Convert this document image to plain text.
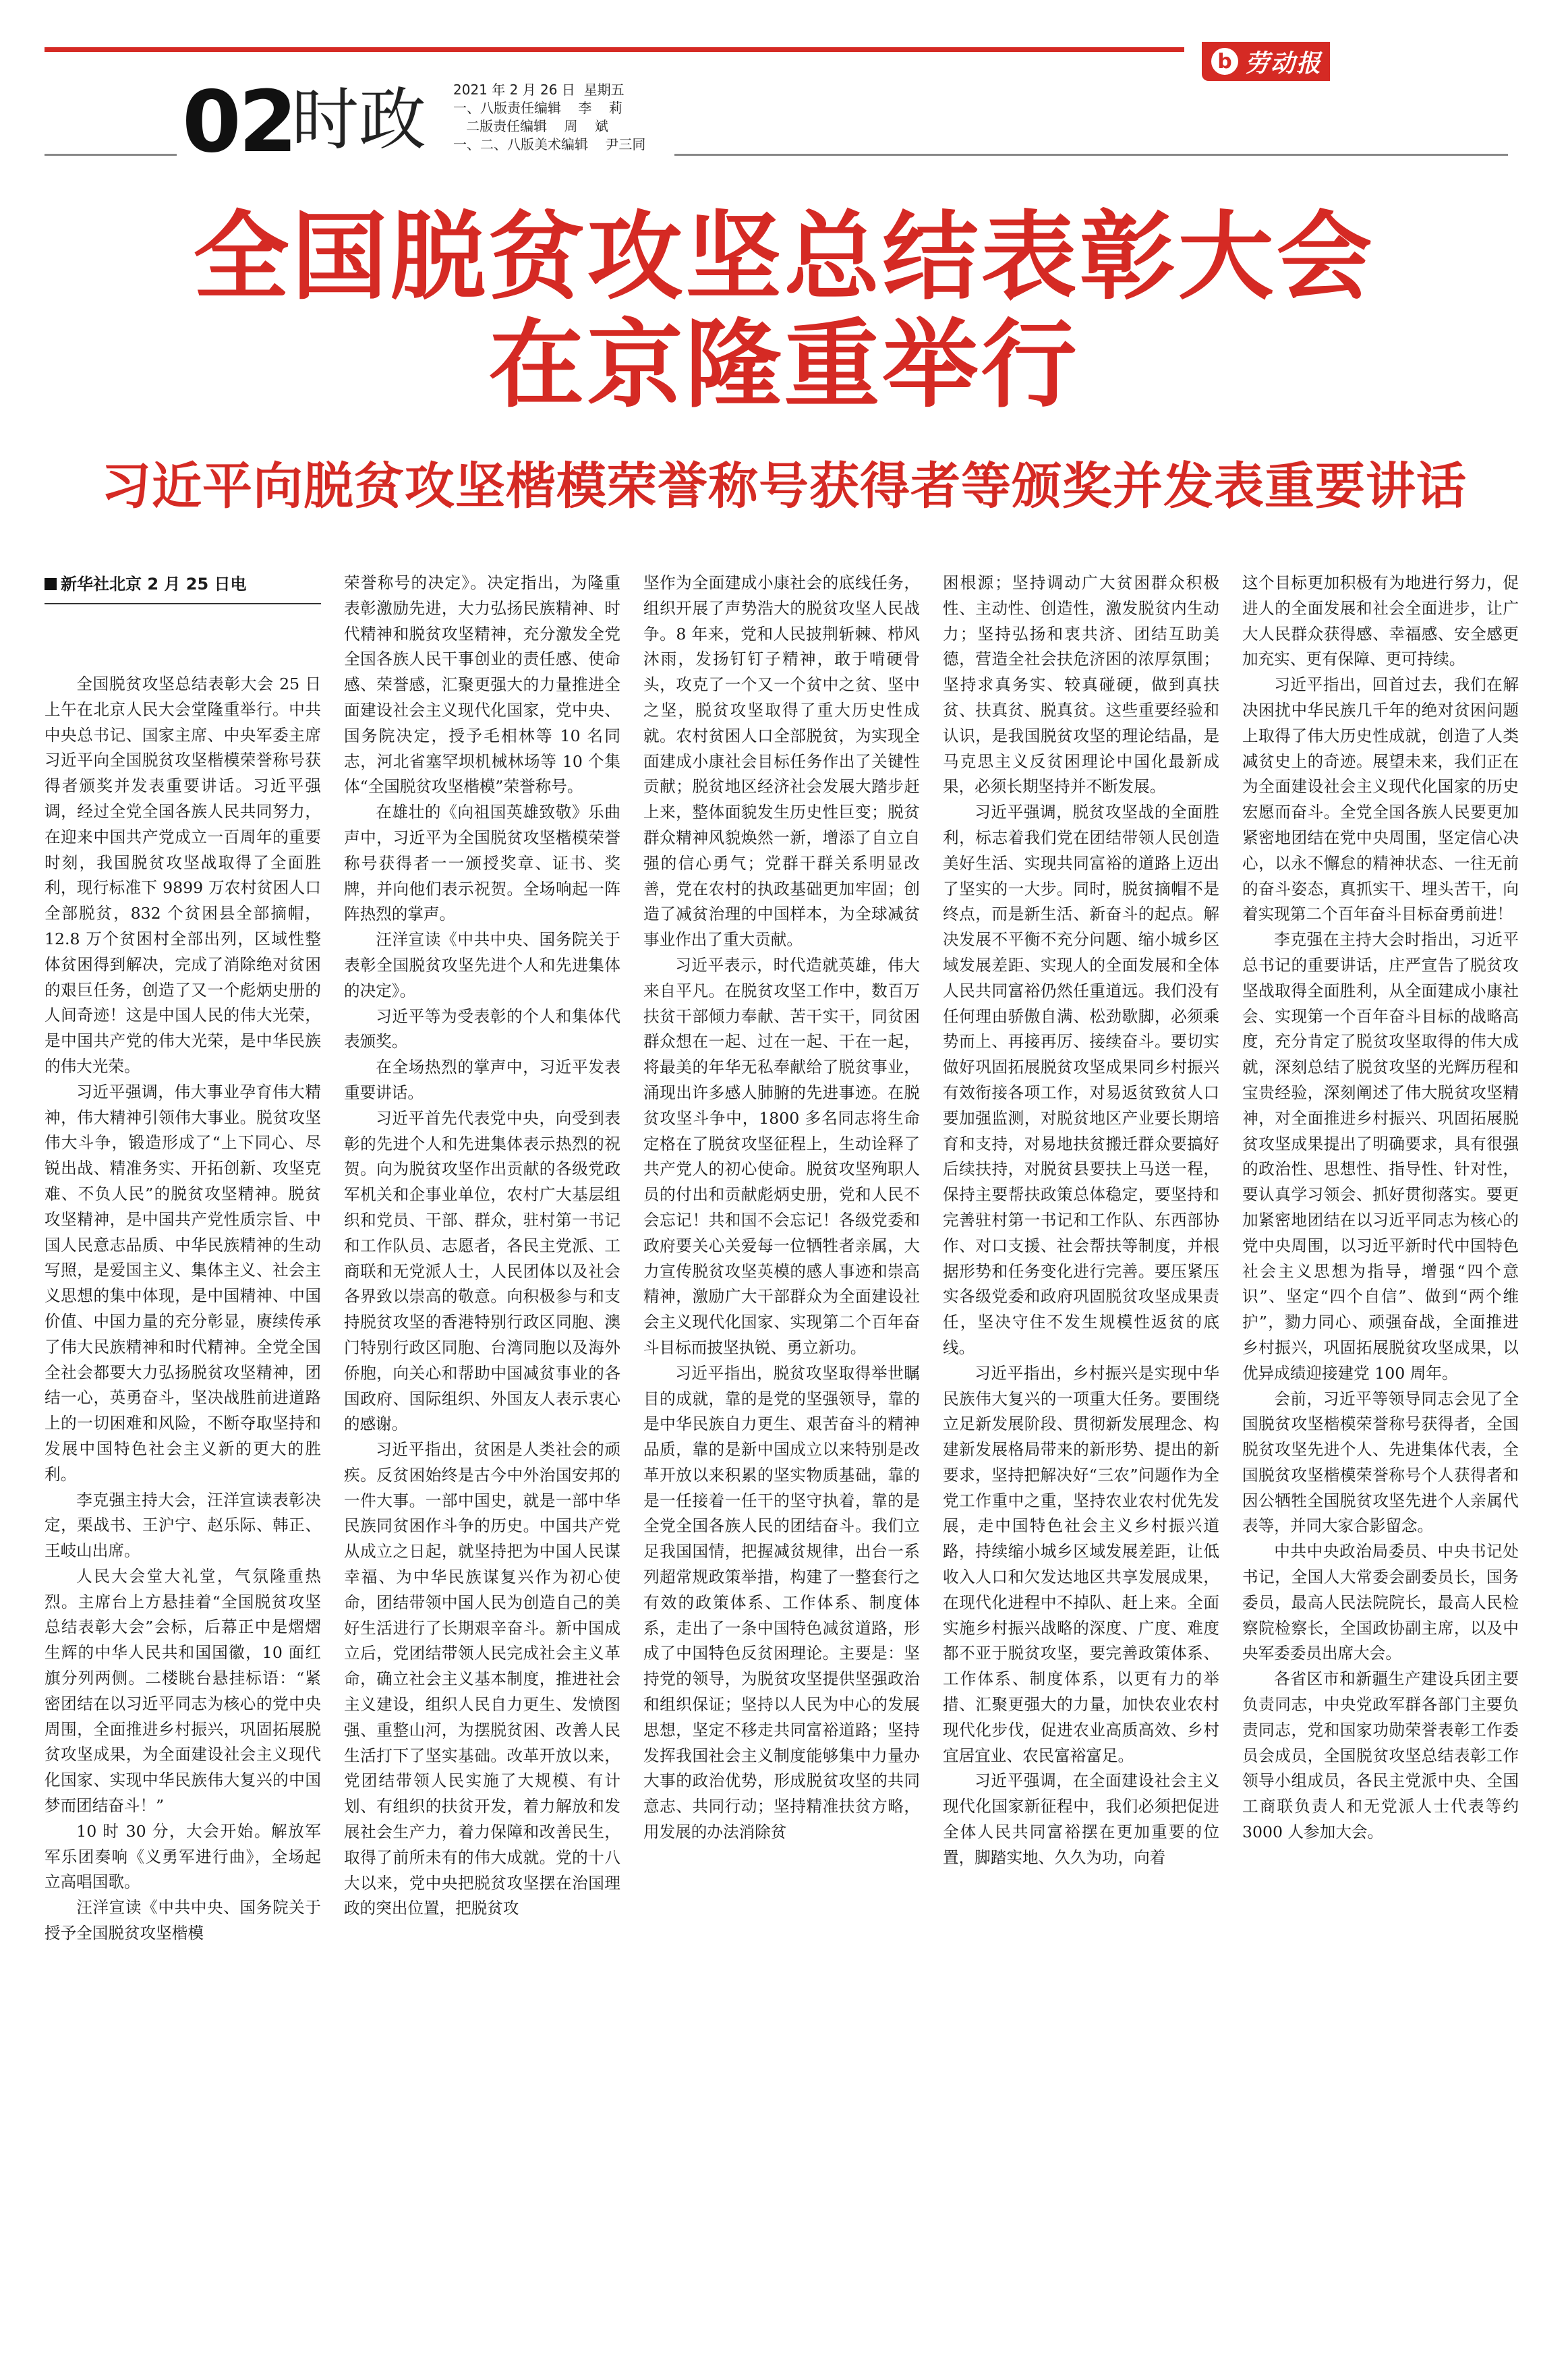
b 劳动报
02
时政 2021 年 2 月 26 日  星期五
一、八版责任编辑    李    莉
二版责任编辑    周    斌
一、二、八版美术编辑    尹三同
全国脱贫攻坚总结表彰大会
在京隆重举行
习近平向脱贫攻坚楷模荣誉称号获得者等颁奖并发表重要讲话
新华社北京 2 月 25 日电

全国脱贫攻坚总结表彰大会 25 日上午在北京人民大会堂隆重举行。中共中央总书记、国家主席、中央军委主席习近平向全国脱贫攻坚楷模荣誉称号获得者颁奖并发表重要讲话。习近平强调，经过全党全国各族人民共同努力，在迎来中国共产党成立一百周年的重要时刻，我国脱贫攻坚战取得了全面胜利，现行标准下 9899 万农村贫困人口全部脱贫，832 个贫困县全部摘帽，12.8 万个贫困村全部出列，区域性整体贫困得到解决，完成了消除绝对贫困的艰巨任务，创造了又一个彪炳史册的人间奇迹！这是中国人民的伟大光荣，是中国共产党的伟大光荣，是中华民族的伟大光荣。

习近平强调，伟大事业孕育伟大精神，伟大精神引领伟大事业。脱贫攻坚伟大斗争，锻造形成了“上下同心、尽锐出战、精准务实、开拓创新、攻坚克难、不负人民”的脱贫攻坚精神。脱贫攻坚精神，是中国共产党性质宗旨、中国人民意志品质、中华民族精神的生动写照，是爱国主义、集体主义、社会主义思想的集中体现，是中国精神、中国价值、中国力量的充分彰显，赓续传承了伟大民族精神和时代精神。全党全国全社会都要大力弘扬脱贫攻坚精神，团结一心，英勇奋斗，坚决战胜前进道路上的一切困难和风险，不断夺取坚持和发展中国特色社会主义新的更大的胜利。

李克强主持大会，汪洋宣读表彰决定，栗战书、王沪宁、赵乐际、韩正、王岐山出席。

人民大会堂大礼堂，气氛隆重热烈。主席台上方悬挂着“全国脱贫攻坚总结表彰大会”会标，后幕正中是熠熠生辉的中华人民共和国国徽，10 面红旗分列两侧。二楼眺台悬挂标语：“紧密团结在以习近平同志为核心的党中央周围，全面推进乡村振兴，巩固拓展脱贫攻坚成果，为全面建设社会主义现代化国家、实现中华民族伟大复兴的中国梦而团结奋斗！”

10 时 30 分，大会开始。解放军军乐团奏响《义勇军进行曲》，全场起立高唱国歌。

汪洋宣读《中共中央、国务院关于授予全国脱贫攻坚楷模

荣誉称号的决定》。决定指出，为隆重表彰激励先进，大力弘扬民族精神、时代精神和脱贫攻坚精神，充分激发全党全国各族人民干事创业的责任感、使命感、荣誉感，汇聚更强大的力量推进全面建设社会主义现代化国家，党中央、国务院决定，授予毛相林等 10 名同志，河北省塞罕坝机械林场等 10 个集体“全国脱贫攻坚楷模”荣誉称号。

在雄壮的《向祖国英雄致敬》乐曲声中，习近平为全国脱贫攻坚楷模荣誉称号获得者一一颁授奖章、证书、奖牌，并向他们表示祝贺。全场响起一阵阵热烈的掌声。

汪洋宣读《中共中央、国务院关于表彰全国脱贫攻坚先进个人和先进集体的决定》。

习近平等为受表彰的个人和集体代表颁奖。

在全场热烈的掌声中，习近平发表重要讲话。

习近平首先代表党中央，向受到表彰的先进个人和先进集体表示热烈的祝贺。向为脱贫攻坚作出贡献的各级党政军机关和企事业单位，农村广大基层组织和党员、干部、群众，驻村第一书记和工作队员、志愿者，各民主党派、工商联和无党派人士，人民团体以及社会各界致以崇高的敬意。向积极参与和支持脱贫攻坚的香港特别行政区同胞、澳门特别行政区同胞、台湾同胞以及海外侨胞，向关心和帮助中国减贫事业的各国政府、国际组织、外国友人表示衷心的感谢。

习近平指出，贫困是人类社会的顽疾。反贫困始终是古今中外治国安邦的一件大事。一部中国史，就是一部中华民族同贫困作斗争的历史。中国共产党从成立之日起，就坚持把为中国人民谋幸福、为中华民族谋复兴作为初心使命，团结带领中国人民为创造自己的美好生活进行了长期艰辛奋斗。新中国成立后，党团结带领人民完成社会主义革命，确立社会主义基本制度，推进社会主义建设，组织人民自力更生、发愤图强、重整山河，为摆脱贫困、改善人民生活打下了坚实基础。改革开放以来，党团结带领人民实施了大规模、有计划、有组织的扶贫开发，着力解放和发展社会生产力，着力保障和改善民生，取得了前所未有的伟大成就。党的十八大以来，党中央把脱贫攻坚摆在治国理政的突出位置，把脱贫攻

坚作为全面建成小康社会的底线任务，组织开展了声势浩大的脱贫攻坚人民战争。8 年来，党和人民披荆斩棘、栉风沐雨，发扬钉钉子精神，敢于啃硬骨头，攻克了一个又一个贫中之贫、坚中之坚，脱贫攻坚取得了重大历史性成就。农村贫困人口全部脱贫，为实现全面建成小康社会目标任务作出了关键性贡献；脱贫地区经济社会发展大踏步赶上来，整体面貌发生历史性巨变；脱贫群众精神风貌焕然一新，增添了自立自强的信心勇气；党群干群关系明显改善，党在农村的执政基础更加牢固；创造了减贫治理的中国样本，为全球减贫事业作出了重大贡献。

习近平表示，时代造就英雄，伟大来自平凡。在脱贫攻坚工作中，数百万扶贫干部倾力奉献、苦干实干，同贫困群众想在一起、过在一起、干在一起，将最美的年华无私奉献给了脱贫事业，涌现出许多感人肺腑的先进事迹。在脱贫攻坚斗争中，1800 多名同志将生命定格在了脱贫攻坚征程上，生动诠释了共产党人的初心使命。脱贫攻坚殉职人员的付出和贡献彪炳史册，党和人民不会忘记！共和国不会忘记！各级党委和政府要关心关爱每一位牺牲者亲属，大力宣传脱贫攻坚英模的感人事迹和崇高精神，激励广大干部群众为全面建设社会主义现代化国家、实现第二个百年奋斗目标而披坚执锐、勇立新功。

习近平指出，脱贫攻坚取得举世瞩目的成就，靠的是党的坚强领导，靠的是中华民族自力更生、艰苦奋斗的精神品质，靠的是新中国成立以来特别是改革开放以来积累的坚实物质基础，靠的是一任接着一任干的坚守执着，靠的是全党全国各族人民的团结奋斗。我们立足我国国情，把握减贫规律，出台一系列超常规政策举措，构建了一整套行之有效的政策体系、工作体系、制度体系，走出了一条中国特色减贫道路，形成了中国特色反贫困理论。主要是：坚持党的领导，为脱贫攻坚提供坚强政治和组织保证；坚持以人民为中心的发展思想，坚定不移走共同富裕道路；坚持发挥我国社会主义制度能够集中力量办大事的政治优势，形成脱贫攻坚的共同意志、共同行动；坚持精准扶贫方略，用发展的办法消除贫

困根源；坚持调动广大贫困群众积极性、主动性、创造性，激发脱贫内生动力；坚持弘扬和衷共济、团结互助美德，营造全社会扶危济困的浓厚氛围；坚持求真务实、较真碰硬，做到真扶贫、扶真贫、脱真贫。这些重要经验和认识，是我国脱贫攻坚的理论结晶，是马克思主义反贫困理论中国化最新成果，必须长期坚持并不断发展。

习近平强调，脱贫攻坚战的全面胜利，标志着我们党在团结带领人民创造美好生活、实现共同富裕的道路上迈出了坚实的一大步。同时，脱贫摘帽不是终点，而是新生活、新奋斗的起点。解决发展不平衡不充分问题、缩小城乡区域发展差距、实现人的全面发展和全体人民共同富裕仍然任重道远。我们没有任何理由骄傲自满、松劲歇脚，必须乘势而上、再接再厉、接续奋斗。要切实做好巩固拓展脱贫攻坚成果同乡村振兴有效衔接各项工作，对易返贫致贫人口要加强监测，对脱贫地区产业要长期培育和支持，对易地扶贫搬迁群众要搞好后续扶持，对脱贫县要扶上马送一程，保持主要帮扶政策总体稳定，要坚持和完善驻村第一书记和工作队、东西部协作、对口支援、社会帮扶等制度，并根据形势和任务变化进行完善。要压紧压实各级党委和政府巩固脱贫攻坚成果责任，坚决守住不发生规模性返贫的底线。

习近平指出，乡村振兴是实现中华民族伟大复兴的一项重大任务。要围绕立足新发展阶段、贯彻新发展理念、构建新发展格局带来的新形势、提出的新要求，坚持把解决好“三农”问题作为全党工作重中之重，坚持农业农村优先发展，走中国特色社会主义乡村振兴道路，持续缩小城乡区域发展差距，让低收入人口和欠发达地区共享发展成果，在现代化进程中不掉队、赶上来。全面实施乡村振兴战略的深度、广度、难度都不亚于脱贫攻坚，要完善政策体系、工作体系、制度体系，以更有力的举措、汇聚更强大的力量，加快农业农村现代化步伐，促进农业高质高效、乡村宜居宜业、农民富裕富足。

习近平强调，在全面建设社会主义现代化国家新征程中，我们必须把促进全体人民共同富裕摆在更加重要的位置，脚踏实地、久久为功，向着

这个目标更加积极有为地进行努力，促进人的全面发展和社会全面进步，让广大人民群众获得感、幸福感、安全感更加充实、更有保障、更可持续。

习近平指出，回首过去，我们在解决困扰中华民族几千年的绝对贫困问题上取得了伟大历史性成就，创造了人类减贫史上的奇迹。展望未来，我们正在为全面建设社会主义现代化国家的历史宏愿而奋斗。全党全国各族人民要更加紧密地团结在党中央周围，坚定信心决心，以永不懈怠的精神状态、一往无前的奋斗姿态，真抓实干、埋头苦干，向着实现第二个百年奋斗目标奋勇前进！

李克强在主持大会时指出，习近平总书记的重要讲话，庄严宣告了脱贫攻坚战取得全面胜利，从全面建成小康社会、实现第一个百年奋斗目标的战略高度，充分肯定了脱贫攻坚取得的伟大成就，深刻总结了脱贫攻坚的光辉历程和宝贵经验，深刻阐述了伟大脱贫攻坚精神，对全面推进乡村振兴、巩固拓展脱贫攻坚成果提出了明确要求，具有很强的政治性、思想性、指导性、针对性，要认真学习领会、抓好贯彻落实。要更加紧密地团结在以习近平同志为核心的党中央周围，以习近平新时代中国特色社会主义思想为指导，增强“四个意识”、坚定“四个自信”、做到“两个维护”，勠力同心、顽强奋战，全面推进乡村振兴，巩固拓展脱贫攻坚成果，以优异成绩迎接建党 100 周年。

会前，习近平等领导同志会见了全国脱贫攻坚楷模荣誉称号获得者，全国脱贫攻坚先进个人、先进集体代表，全国脱贫攻坚楷模荣誉称号个人获得者和因公牺牲全国脱贫攻坚先进个人亲属代表等，并同大家合影留念。

中共中央政治局委员、中央书记处书记，全国人大常委会副委员长，国务委员，最高人民法院院长，最高人民检察院检察长，全国政协副主席，以及中央军委委员出席大会。

各省区市和新疆生产建设兵团主要负责同志，中央党政军群各部门主要负责同志，党和国家功勋荣誉表彰工作委员会成员，全国脱贫攻坚总结表彰工作领导小组成员，各民主党派中央、全国工商联负责人和无党派人士代表等约 3000 人参加大会。
